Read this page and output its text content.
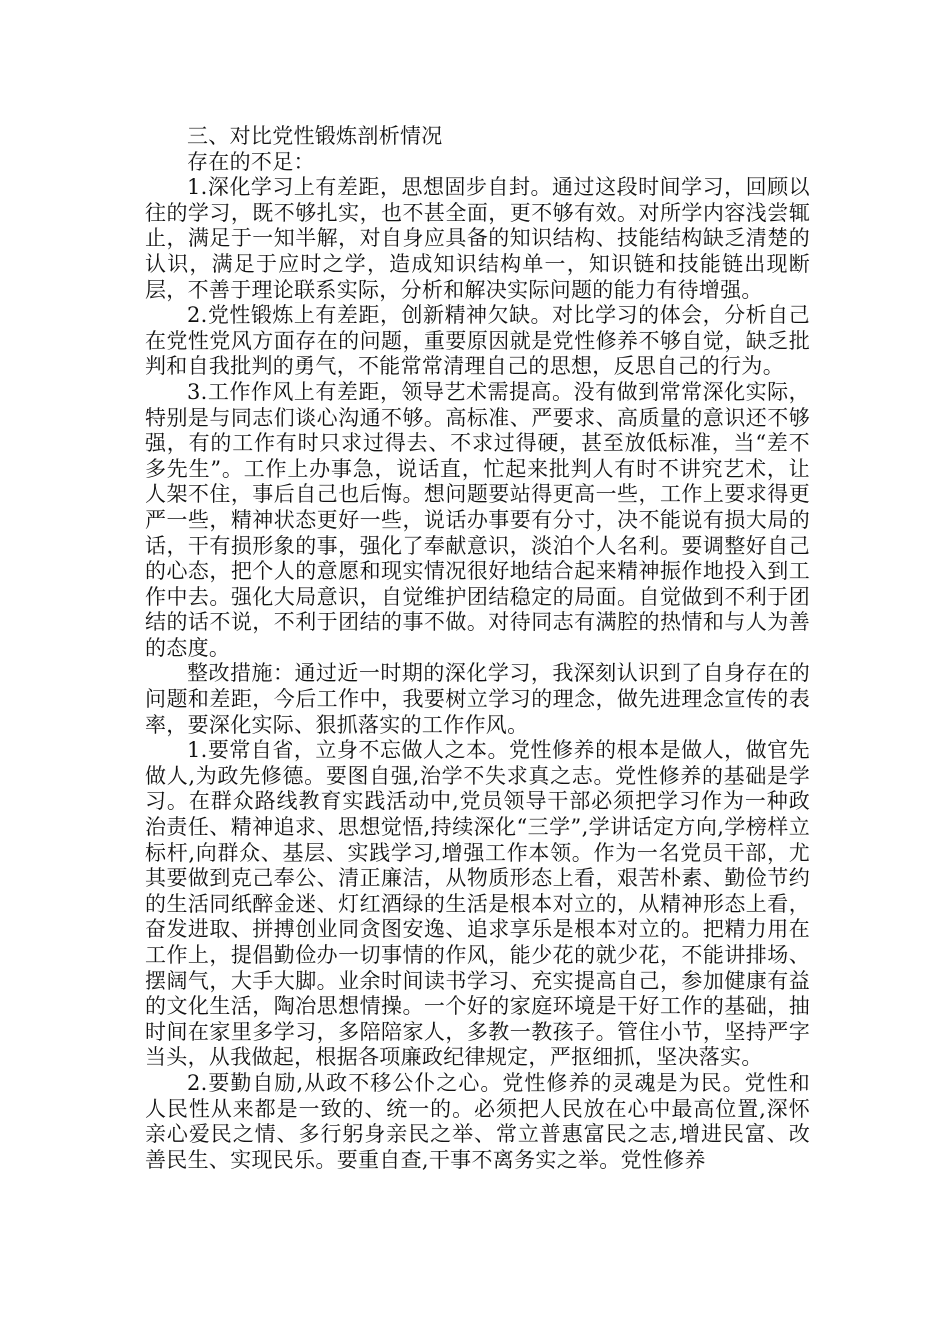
三、对比党性锻炼剖析情况

存在的不足：

1.深化学习上有差距，思想固步自封。通过这段时间学习，回顾以往的学习，既不够扎实，也不甚全面，更不够有效。对所学内容浅尝辄止，满足于一知半解，对自身应具备的知识结构、技能结构缺乏清楚的认识，满足于应时之学，造成知识结构单一，知识链和技能链出现断层，不善于理论联系实际，分析和解决实际问题的能力有待增强。

2.党性锻炼上有差距，创新精神欠缺。对比学习的体会，分析自己在党性党风方面存在的问题，重要原因就是党性修养不够自觉，缺乏批判和自我批判的勇气，不能常常清理自己的思想，反思自己的行为。

3.工作作风上有差距，领导艺术需提高。没有做到常常深化实际，特别是与同志们谈心沟通不够。高标准、严要求、高质量的意识还不够强，有的工作有时只求过得去、不求过得硬，甚至放低标准，当“差不多先生”。工作上办事急，说话直，忙起来批判人有时不讲究艺术，让人架不住，事后自己也后悔。想问题要站得更高一些，工作上要求得更严一些，精神状态更好一些，说话办事要有分寸，决不能说有损大局的话，干有损形象的事，强化了奉献意识，淡泊个人名利。要调整好自己的心态，把个人的意愿和现实情况很好地结合起来精神振作地投入到工作中去。强化大局意识，自觉维护团结稳定的局面。自觉做到不利于团结的话不说，不利于团结的事不做。对待同志有满腔的热情和与人为善的态度。

整改措施：通过近一时期的深化学习，我深刻认识到了自身存在的问题和差距，今后工作中，我要树立学习的理念，做先进理念宣传的表率，要深化实际、狠抓落实的工作作风。

1.要常自省，立身不忘做人之本。党性修养的根本是做人，做官先做人,为政先修德。要图自强,治学不失求真之志。党性修养的基础是学习。在群众路线教育实践活动中,党员领导干部必须把学习作为一种政治责任、精神追求、思想觉悟,持续深化“三学”,学讲话定方向,学榜样立标杆,向群众、基层、实践学习,增强工作本领。作为一名党员干部，尤其要做到克己奉公、清正廉洁，从物质形态上看，艰苦朴素、勤俭节约的生活同纸醉金迷、灯红酒绿的生活是根本对立的，从精神形态上看，奋发进取、拼搏创业同贪图安逸、追求享乐是根本对立的。把精力用在工作上，提倡勤俭办一切事情的作风，能少花的就少花，不能讲排场、摆阔气，大手大脚。业余时间读书学习、充实提高自己，参加健康有益的文化生活，陶冶思想情操。一个好的家庭环境是干好工作的基础，抽时间在家里多学习，多陪陪家人，多教一教孩子。管住小节，坚持严字当头，从我做起，根据各项廉政纪律规定，严抠细抓，坚决落实。

2.要勤自励,从政不移公仆之心。党性修养的灵魂是为民。党性和人民性从来都是一致的、统一的。必须把人民放在心中最高位置,深怀亲心爱民之情、多行躬身亲民之举、常立普惠富民之志,增进民富、改善民生、实现民乐。要重自查,干事不离务实之举。党性修养
